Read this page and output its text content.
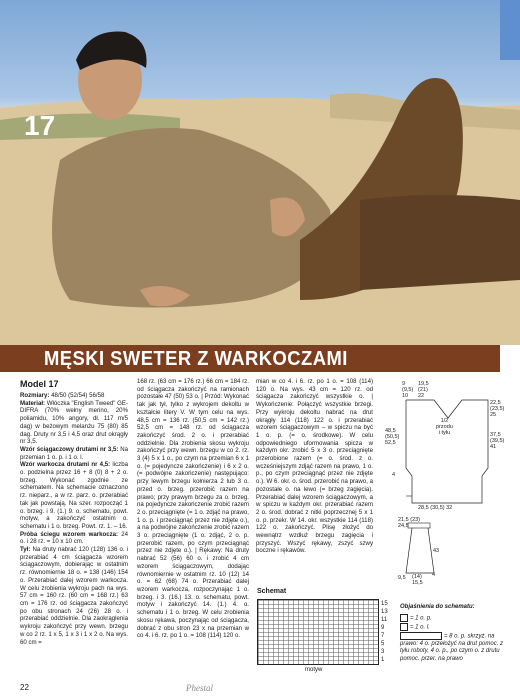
17
MĘSKI SWETER Z WARKOCZAMI

Model 17

Rozmiary: 48/50 (52/54) 56/58

Materiał: Włóczka "English Tweed" GE-DIFRA (70% wełny merino, 20% poliamidu, 10% angory, dł. 117 m/5 dag) w beżowym melanżu 75 (80) 85 dag. Druty nr 3,5 i 4,5 oraz drut okrągły nr 3,5.

Wzór ściągaczowy drutami nr 3,5: Na przemian 1 o. p. i 1 o. l.

Wzór warkocza drutami nr 4,5: liczba o. podzielna przez 16 + 8 (0) 8 + 2 o. brzeg. Wykonać zgodnie ze schematem. Na schemacie oznaczono rz. nieparz., a w rz. parz. o. przerabiać tak jak powstają. Na szer. rozpocząć 1 o. brzeg. i 9. (1.) 9. o. schematu, powt. motyw, a zakończyć ostatnim o. schematu i 1 o. brzeg. Powt. rz. 1. – 16.

Próba ściegu wzorem warkocza: 24 o. i 28 rz. = 10 x 10 cm.

Tył: Na druty nabrać 120 (128) 136 o. i przerabiać 4 cm ściągacza wzorem ściągaczowym, dobierając w ostatnim rz. równomiernie 18 o. = 138 (146) 154 o. Przerabiać dalej wzorem warkocza. W celu zrobienia wykroju pach na wys. 57 cm = 160 rz. (60 cm = 168 rz.) 63 cm = 176 rz. od ściągacza zakończyć po obu stronach 24 (26) 28 o. i przerabiać oddzielnie. Dla zaokrąglenia wykroju zakończyć przy wewn. brzegu w co 2 rz. 1 x 5, 1 x 3 i 1 x 2 o. Na wys. 60 cm =

168 rz. (63 cm = 176 rz.) 66 cm = 184 rz. od ściągacza zakończyć na ramionach pozostałe 47 (50) 53 o. | Przód: Wykonać tak jak tył, tylko z wykrojem dekoltu w kształcie litery V. W tym celu na wys. 48,5 cm = 136 rz. (50,5 cm = 142 rz.) 52,5 cm = 148 rz. od ściągacza zakończyć środ. 2 o. i przerabiać oddzielnie. Dla zrobienia skosu wykroju zakończyć przy wewn. brzegu w co 2. rz. 3 (4) 5 x 1 o., po czym na przemian 6 x 1 o. (= pojedyncze zakończenie) i 6 x 2 o. (= podwójne zakończenie) następująco: przy lewym brzegu kołnierza 2 lub 3 o. przed o. brzeg. przerobić razem na prawo; przy prawym brzegu za o. brzeg. na pojedyncze zakończenie zrobić razem 2 o. przeciągnięte (= 1 o. zdjąć na prawo, 1 o. p. i przeciągnąć przez nie zdjęte o.), a na podwójne zakończenie zrobić razem 3 o. przeciągnięte (1 o. zdjąć, 2 o. p. przerobić razem, po czym przeciągnąć przez nie zdjęte o.). | Rękawy: Na druty nabrać 52 (56) 60 o. i zrobić 4 cm wzorem ściągaczowym, dodając równomiernie w ostatnim rz. 10 (12) 14 o. = 62 (68) 74 o. Przerabiać dalej wzorem warkocza, rozpoczynając 1 o. brzeg. i 3. (16.) 13. o. schematu, powt. motyw i zakończyć 14. (1.) 4. o. schematu i 1 o. brzeg. W celu zrobienia skosu rękawa, poczynając od ściągacza, dobrać z obu stron 23 x na przemian w co 4. i 6. rz. po 1 o. = 108 (114) 120 o.
mian w co 4. i 6. rz. po 1 o. = 108 (114) 120 o. Na wys. 43 cm = 120 rz. od ściągacza zakończyć wszystkie o. | Wykończenie: Połączyć wszystkie brzegi. Przy wykroju dekoltu nabrać na drut okrągły 114 (118) 122 o. i przerabiać wzorem ściągaczowym – w spiczu na być 1 o. p. (= o. środkowe). W celu odpowiedniego uformowania spicza w każdym okr. zrobić 5 x 3 o. przeciągnięte przerobione razem (= o. środ. z o. wcześniejszym zdjąć razem na prawo, 1 o. p., po czym przeciągnąć przez nie zdjęte o.). W 6. okr. o. środ. przerobić na prawo, a pozostałe o. na lewo (= brzeg zagięcia). Przerabiać dalej wzorem ściągaczowym, a w spiczu w każdym okr. przerabiać razem 2 o. środ. dobrać z nitki poprzecznej 5 x 1 o. p. przekr. W 14. okr. wszystkie 114 (118) 122 o. zakończyć. Plisę złożyć do wewnątrz wzdłuż brzegu zagięcia i przyszyć. Wszyć rękawy, zszyć szwy boczne i rękawów.
9
(9,5)
10
19,5
(21)
22
1/2
przodu
i tyłu
22,5
(23,5)
25
37,5
(39,5)
41
48,5
(50,5)
52,5
4
28,5 (30,5) 32
21,5 (23)
24,5
43
9,5 (14)
15,5
4
Schemat
15
13
11
9
7
5
3
1
motyw
Objaśnienia do schematu:
= 1 o. p.
= 1 o. l.
= 8 o. p. skrzyż. na prawo: 4 o. przełożyć na drut pomoc. z tyłu roboty, 4 o. p., po czym o. z drutu pomoc. przer. na prawo
22	Phestal
